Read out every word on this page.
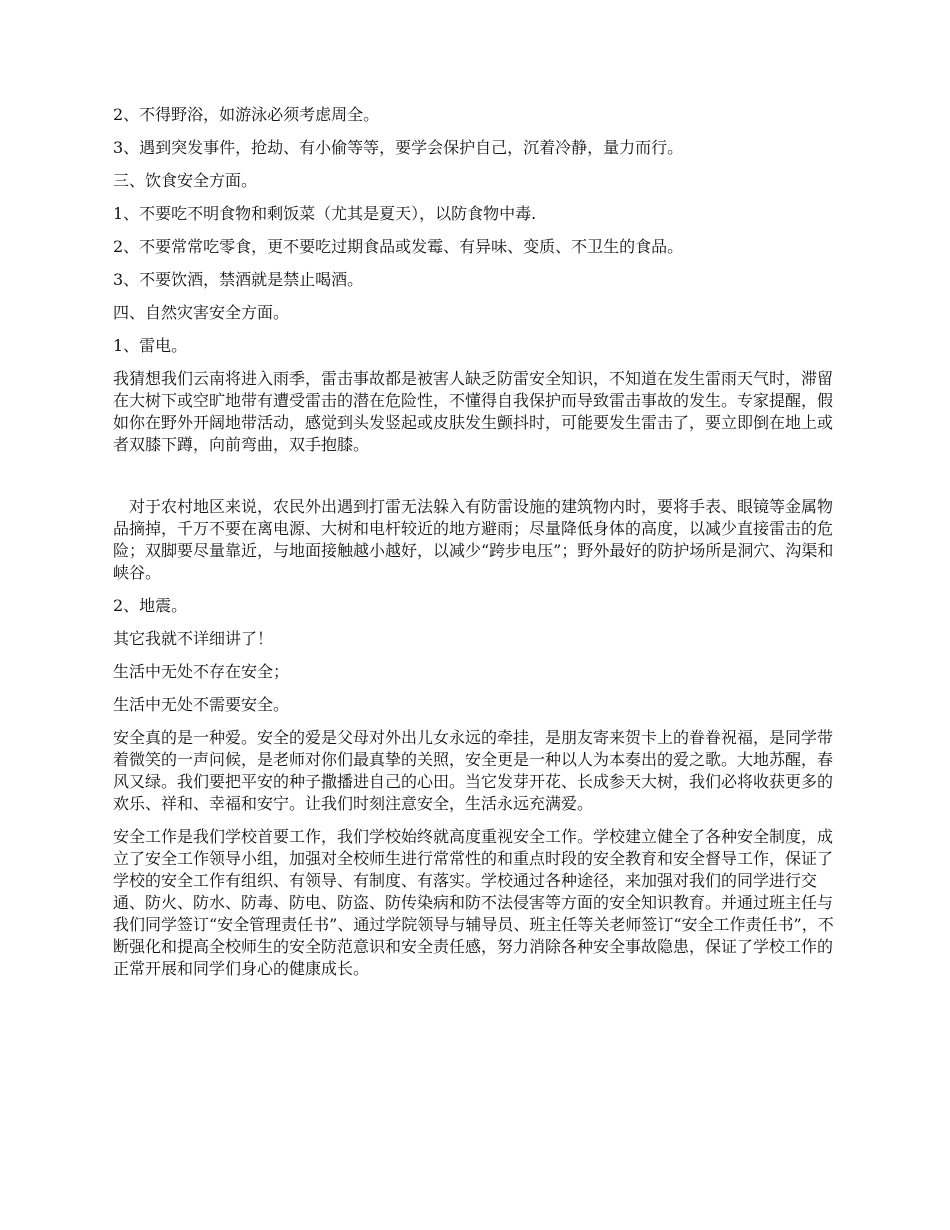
2、不得野浴，如游泳必须考虑周全。

3、遇到突发事件，抢劫、有小偷等等，要学会保护自己，沉着冷静，量力而行。

三、饮食安全方面。

1、不要吃不明食物和剩饭菜（尤其是夏天），以防食物中毒.

2、不要常常吃零食，更不要吃过期食品或发霉、有异味、变质、不卫生的食品。

3、不要饮酒，禁酒就是禁止喝酒。

四、自然灾害安全方面。

1、雷电。

我猜想我们云南将进入雨季，雷击事故都是被害人缺乏防雷安全知识，不知道在发生雷雨天气时，滞留在大树下或空旷地带有遭受雷击的潜在危险性，不懂得自我保护而导致雷击事故的发生。专家提醒，假如你在野外开阔地带活动，感觉到头发竖起或皮肤发生颤抖时，可能要发生雷击了，要立即倒在地上或者双膝下蹲，向前弯曲，双手抱膝。

对于农村地区来说，农民外出遇到打雷无法躲入有防雷设施的建筑物内时，要将手表、眼镜等金属物品摘掉，千万不要在离电源、大树和电杆较近的地方避雨；尽量降低身体的高度，以减少直接雷击的危险；双脚要尽量靠近，与地面接触越小越好，以减少“跨步电压”；野外最好的防护场所是洞穴、沟渠和峡谷。

2、地震。

其它我就不详细讲了！

生活中无处不存在安全；

生活中无处不需要安全。

安全真的是一种爱。安全的爱是父母对外出儿女永远的牵挂，是朋友寄来贺卡上的眷眷祝福，是同学带着微笑的一声问候，是老师对你们最真挚的关照，安全更是一种以人为本奏出的爱之歌。大地苏醒，春风又绿。我们要把平安的种子撒播进自己的心田。当它发芽开花、长成参天大树，我们必将收获更多的欢乐、祥和、幸福和安宁。让我们时刻注意安全，生活永远充满爱。

安全工作是我们学校首要工作，我们学校始终就高度重视安全工作。学校建立健全了各种安全制度，成立了安全工作领导小组，加强对全校师生进行常常性的和重点时段的安全教育和安全督导工作，保证了学校的安全工作有组织、有领导、有制度、有落实。学校通过各种途径，来加强对我们的同学进行交通、防火、防水、防毒、防电、防盗、防传染病和防不法侵害等方面的安全知识教育。并通过班主任与我们同学签订“安全管理责任书”、通过学院领导与辅导员、班主任等关老师签订“安全工作责任书”，不断强化和提高全校师生的安全防范意识和安全责任感，努力消除各种安全事故隐患，保证了学校工作的正常开展和同学们身心的健康成长。
